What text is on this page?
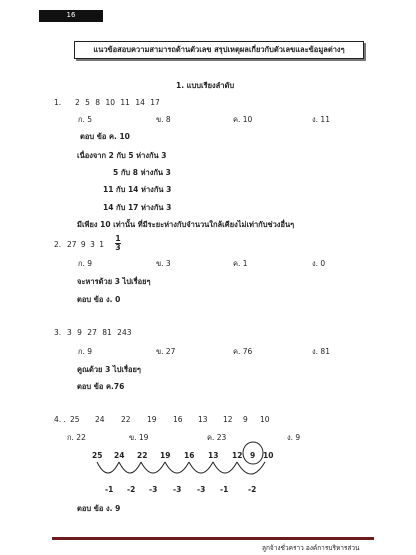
16
แนวข้อสอบความสามารถด้านตัวเลข สรุปเหตุผลเกี่ยวกับตัวเลขและข้อมูลต่างๆ
1. แบบเรียงลำดับ
1. 2 5 8 10 11 14 17
ก. 5	ข. 8	ค. 10	ง. 11
ตอบ ข้อ ค. 10
เนื่องจาก 2 กับ 5 ห่างกัน 3
5 กับ 8 ห่างกัน 3
11 กับ 14 ห่างกัน 3
14 กับ 17 ห่างกัน 3
มีเพียง 10 เท่านั้น ที่มีระยะห่างกับจำนวนใกล้เคียงไม่เท่ากับช่วงอื่นๆ
2. 27 9 3 1
1
3
ก. 9	ข. 3	ค. 1	ง. 0
จะหารด้วย 3 ไปเรื่อยๆ
ตอบ ข้อ ง. 0
3. 3 9 27 81 243
ก. 9	ข. 27	ค. 76	ง. 81
คูณด้วย 3 ไปเรื่อยๆ
ตอบ ข้อ ค.76
4. . 25 24 22 19 16 13 12 9 10
ก. 22	ข. 19	ค. 23	ง. 9
25 24 22 19 16 13 12 9 10
-1 -2 -3 -3 -3 -1	-2
ตอบ ข้อ ง. 9
ลูกจ้างชั่วคราว องค์การบริหารส่วน
